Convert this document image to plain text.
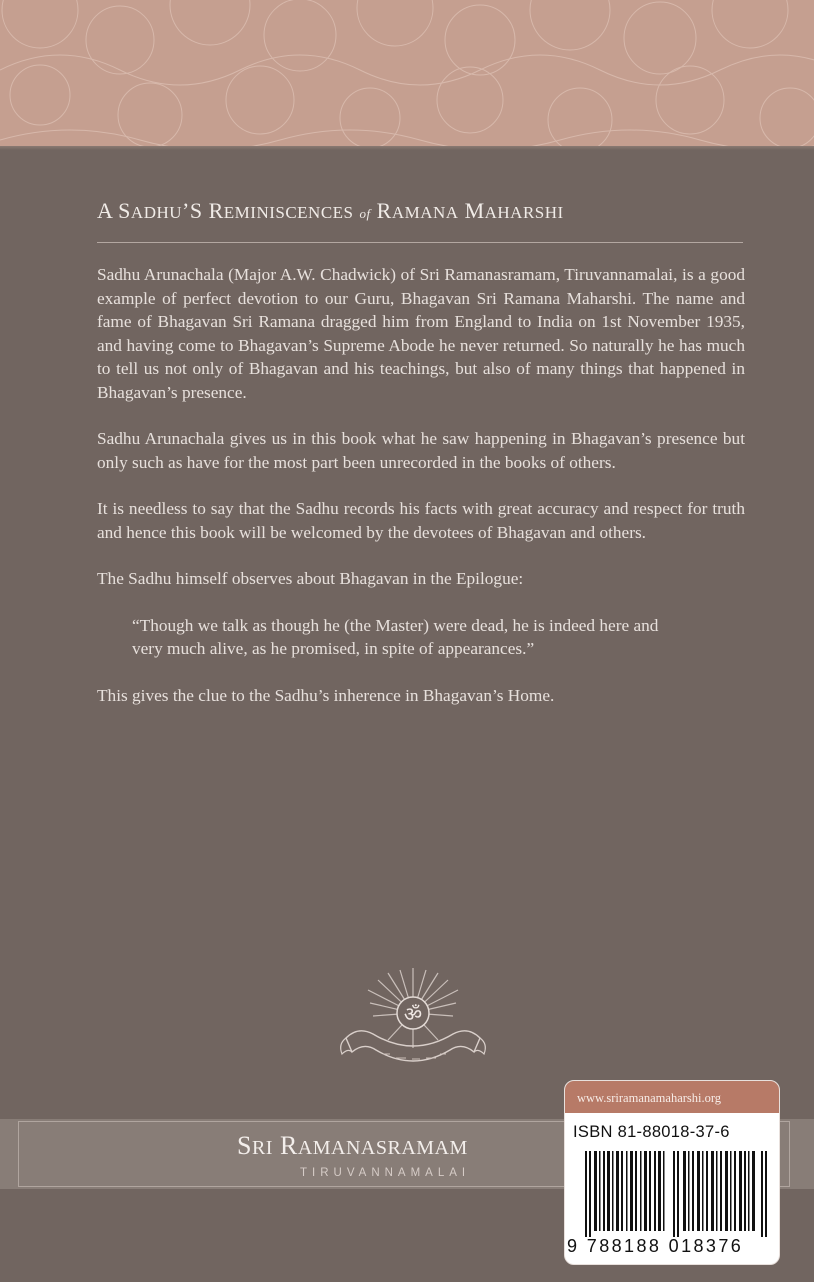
A SADHU’S REMINISCENCES of RAMANA MAHARSHI

Sadhu Arunachala (Major A.W. Chadwick) of Sri Ramanasramam, Tiruvannamalai, is a good example of perfect devotion to our Guru, Bhagavan Sri Ramana Maharshi. The name and fame of Bhagavan Sri Ramana dragged him from England to India on 1st November 1935, and having come to Bhagavan’s Supreme Abode he never returned. So naturally he has much to tell us not only of Bhagavan and his teachings, but also of many things that happened in Bhagavan’s presence.

Sadhu Arunachala gives us in this book what he saw happening in Bhagavan’s presence but only such as have for the most part been unrecorded in the books of others.

It is needless to say that the Sadhu records his facts with great accuracy and respect for truth and hence this book will be welcomed by the devotees of Bhagavan and others.

The Sadhu himself observes about Bhagavan in the Epilogue:

“Though we talk as though he (the Master) were dead, he is indeed here and very much alive, as he promised, in spite of appearances.”

This gives the clue to the Sadhu’s inherence in Bhagavan’s Home.

ॐ
SRI RAMANASRAMAM
TIRUVANNAMALAI
www.sriramanamaharshi.org
ISBN 81-88018-37-6
9 788188 018376
